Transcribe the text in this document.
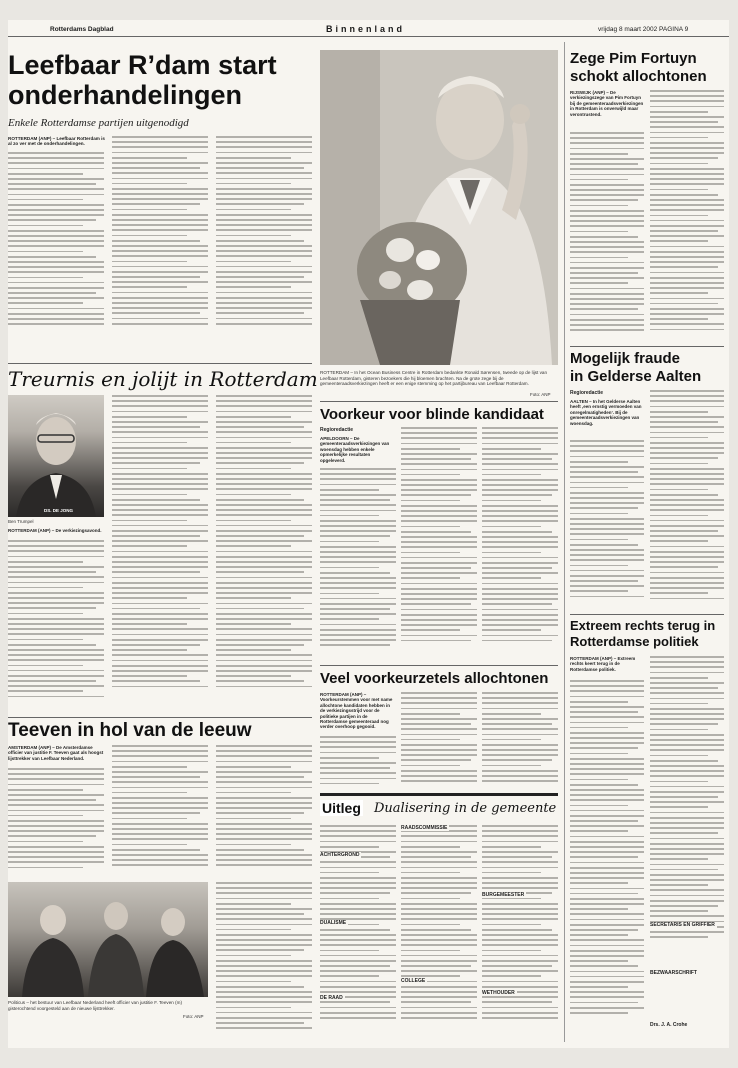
Rotterdams Dagblad	Binnenland	vrijdag 8 maart 2002 PAGINA 9
Leefbaar R’dam start
onderhandelingen
Enkele Rotterdamse partijen uitgenodigd
ROTTERDAM (ANP) – Leefbaar Rotterdam is al zo ver met de onderhandelingen.
Treurnis en jolijt in Rotterdam
DS. DE JONG
Ben Trumpel
ROTTERDAM (ANP) – De verkiezingsavond.
Teeven in hol van de leeuw
AMSTERDAM (ANP) – De Amsterdamse officier van justitie F. Teeven gaat als hoogst lijsttrekker van Leefbaar Nederland.
Politicus – het bestuur van Leefbaar Nederland heeft officier van justitie F. Teeven (m) gisterochtend voorgesteld aan de nieuwe lijsttrekker.
Foto: ANP
ROTTERDAM – In het Ocean Business Centre in Rotterdam bedankte Ronald Sørensen, tweede op de lijst van Leefbaar Rotterdam, gisteren bezoekers die hij bloemen brachten. Na de grote zege bij de gemeenteraadsverkiezingen heeft er een enige stemming op het partijbureau van Leefbaar Rotterdam.
Foto: ANP
Voorkeur voor blinde kandidaat
Regioredactie
APELDOORN – De gemeenteraadsverkiezingen van woensdag hebben enkele opmerkelijke resultaten opgeleverd.
Veel voorkeurzetels allochtonen
ROTTERDAM (ANP) – Voorkeurstemmen voor met name allochtone kandidaten hebben in de verkiezingsstrijd voor de politieke partijen in de Rotterdamse gemeenteraad nog verder overhoop gegooid.
Uitleg Dualisering in de gemeente
ACHTERGROND
DUALISME
DE RAAD
RAADSCOMMISSIE
COLLEGE
BURGEMEESTER
WETHOUDER
Zege Pim Fortuyn
schokt allochtonen
RIJSWIJK (ANP) – De verkiezingszege van Pim Fortuyn bij de gemeenteraadsverkiezingen in Rotterdam is onverwijld maar verontrustend.
Mogelijk fraude
in Gelderse Aalten
Regioredactie
AALTEN – In het Gelderse Aalten heeft ,een ernstig vermoeden van onregelmatigheden’. Bij de gemeenteraadsverkiezingen van woensdag.
Extreem rechts terug in
Rotterdamse politiek
ROTTERDAM (ANP) – Extreem rechts keert terug in de Rotterdamse politiek.
SECRETARIS EN GRIFFIER
BEZWAARSCHRIFT
Drs. J. A. Crohe
